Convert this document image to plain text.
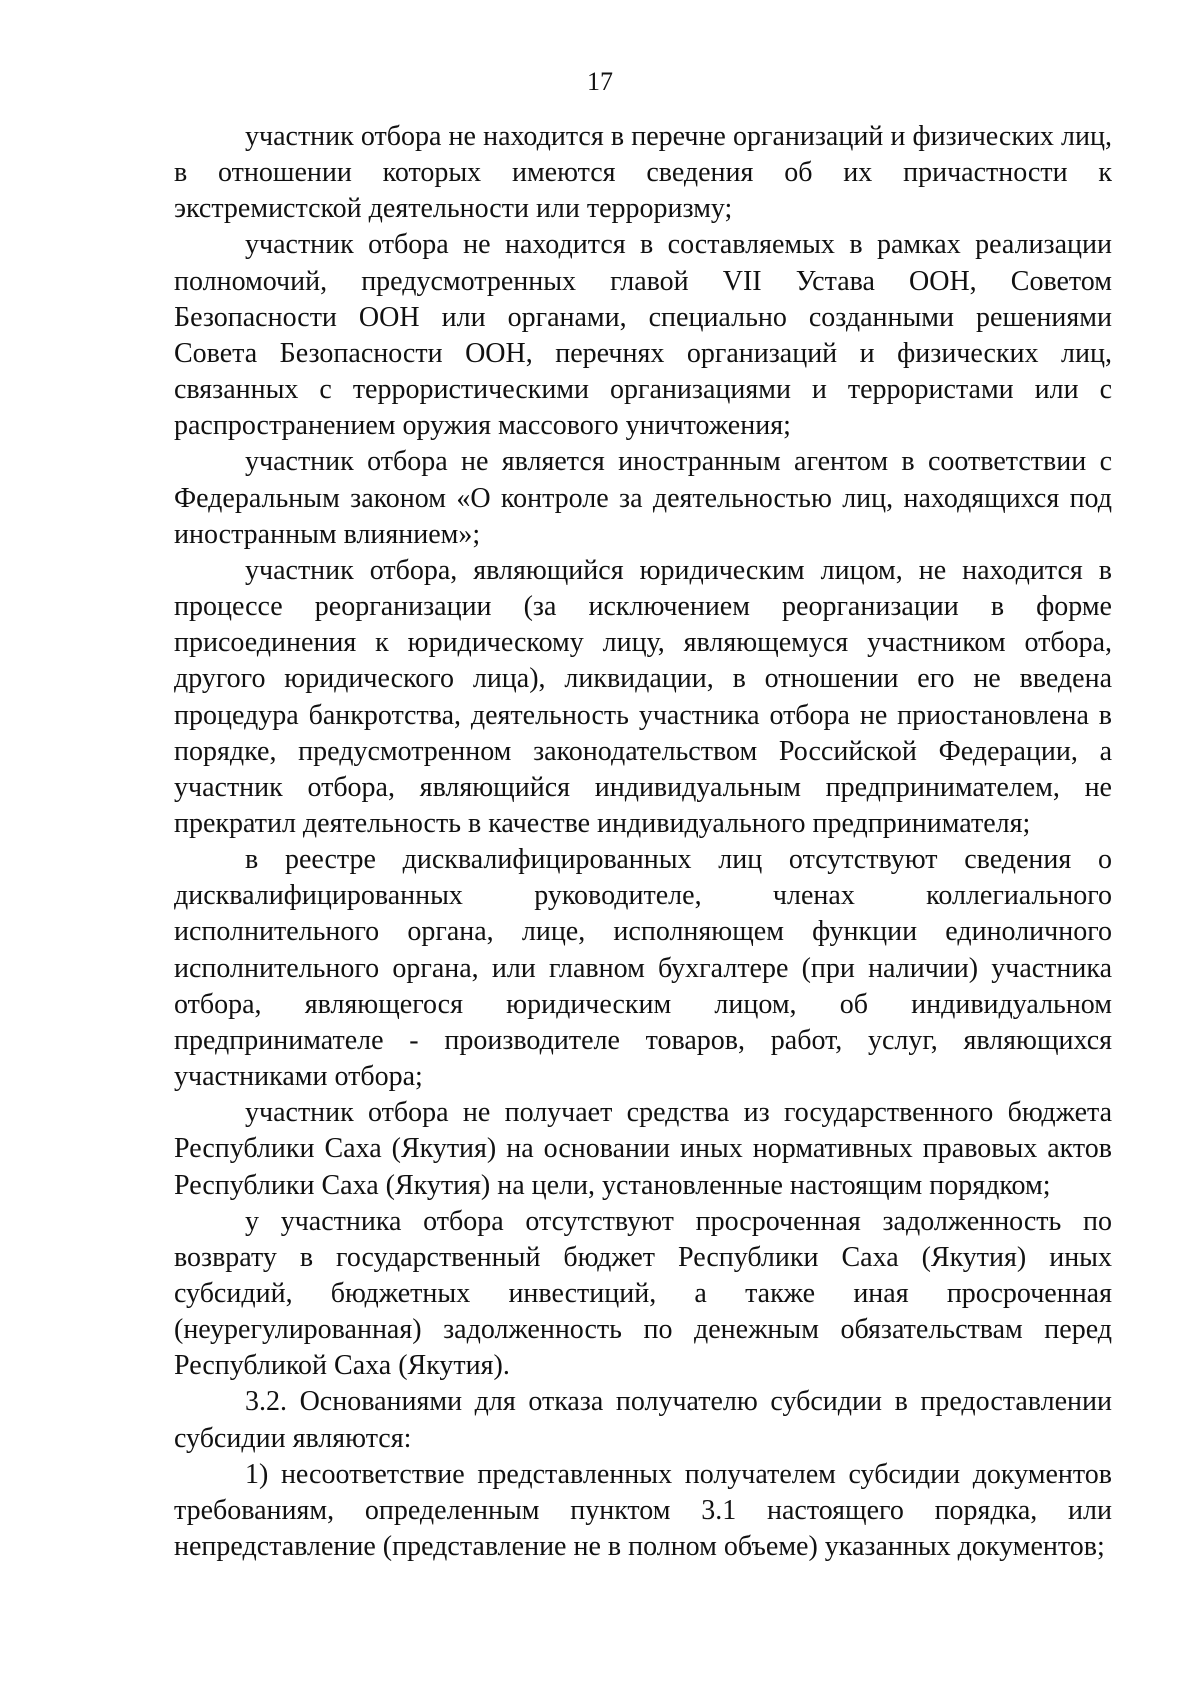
17

участник отбора не находится в перечне организаций и физических лиц, в отношении которых имеются сведения об их причастности к экстремистской деятельности или терроризму;

участник отбора не находится в составляемых в рамках реализации полномочий, предусмотренных главой VII Устава ООН, Советом Безопасности ООН или органами, специально созданными решениями Совета Безопасности ООН, перечнях организаций и физических лиц, связанных с террористическими организациями и террористами или с распространением оружия массового уничтожения;

участник отбора не является иностранным агентом в соответствии с Федеральным законом «О контроле за деятельностью лиц, находящихся под иностранным влиянием»;

участник отбора, являющийся юридическим лицом, не находится в процессе реорганизации (за исключением реорганизации в форме присоединения к юридическому лицу, являющемуся участником отбора, другого юридического лица), ликвидации, в отношении его не введена процедура банкротства, деятельность участника отбора не приостановлена в порядке, предусмотренном законодательством Российской Федерации, а участник отбора, являющийся индивидуальным предпринимателем, не прекратил деятельность в качестве индивидуального предпринимателя;

в реестре дисквалифицированных лиц отсутствуют сведения о дисквалифицированных руководителе, членах коллегиального исполнительного органа, лице, исполняющем функции единоличного исполнительного органа, или главном бухгалтере (при наличии) участника отбора, являющегося юридическим лицом, об индивидуальном предпринимателе - производителе товаров, работ, услуг, являющихся участниками отбора;

участник отбора не получает средства из государственного бюджета Республики Саха (Якутия) на основании иных нормативных правовых актов Республики Саха (Якутия) на цели, установленные настоящим порядком;

у участника отбора отсутствуют просроченная задолженность по возврату в государственный бюджет Республики Саха (Якутия) иных субсидий, бюджетных инвестиций, а также иная просроченная (неурегулированная) задолженность по денежным обязательствам перед Республикой Саха (Якутия).

3.2. Основаниями для отказа получателю субсидии в предоставлении субсидии являются:

1) несоответствие представленных получателем субсидии документов требованиям, определенным пунктом 3.1 настоящего порядка, или непредставление (представление не в полном объеме) указанных документов;
